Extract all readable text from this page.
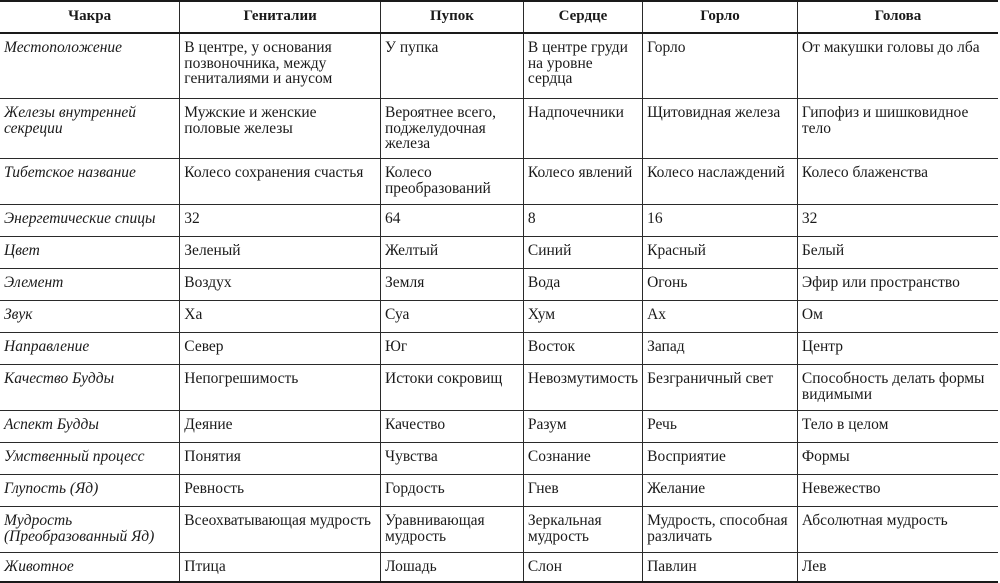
Чакра	Гениталии	Пупок	Сердце	Горло	Голова
Местоположение	В центре, у основания позвоночника, между гениталиями и анусом	У пупка	В центре груди на уровне сердца	Горло	От макушки головы до лба
Железы внутренней секреции	Мужские и женские половые железы	Вероятнее всего, поджелудочная железа	Надпочечники	Щитовидная железа	Гипофиз и шишковидное тело
Тибетское название	Колесо сохранения счастья	Колесо преобразований	Колесо явлений	Колесо наслаждений	Колесо блаженства
Энергетические спицы	32	64	8	16	32
Цвет	Зеленый	Желтый	Синий	Красный	Белый
Элемент	Воздух	Земля	Вода	Огонь	Эфир или пространство
Звук	Ха	Суа	Хум	Ах	Ом
Направление	Север	Юг	Восток	Запад	Центр
Качество Будды	Непогрешимость	Истоки сокровищ	Невозмутимость	Безграничный свет	Способность делать формы видимыми
Аспект Будды	Деяние	Качество	Разум	Речь	Тело в целом
Умственный процесс	Понятия	Чувства	Сознание	Восприятие	Формы
Глупость (Яд)	Ревность	Гордость	Гнев	Желание	Невежество
Мудрость (Преобразованный Яд)	Всеохватывающая мудрость	Уравнивающая мудрость	Зеркальная мудрость	Мудрость, способная различать	Абсолютная мудрость
Животное	Птица	Лошадь	Слон	Павлин	Лев
